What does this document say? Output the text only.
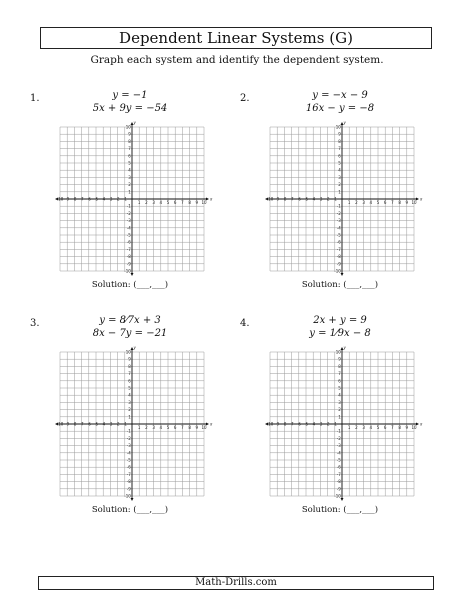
Dependent Linear Systems (G)
Graph each system and identify the dependent system.
1.	y = −1
5x + 9y = −54
-10 -9 -8 -7 -6 -5 -4 -3 -2 -1
1 2 3 4 5 6 7 8 9 10
10
9
8
7
6
5
4
3
2
1
-1
-2
-3
-4
-5
-6
-7
-8
-9
-10
x
y
Solution: (___,___)
2.	y = −x − 9
16x − y = −8
-10 -9 -8 -7 -6 -5 -4 -3 -2 -1
1 2 3 4 5 6 7 8 9 10
10
9
8
7
6
5
4
3
2
1
-1
-2
-3
-4
-5
-6
-7
-8
-9
-10
x
y
Solution: (___,___)
3.	y = 8⁄7x + 3
8x − 7y = −21
-10 -9 -8 -7 -6 -5 -4 -3 -2 -1
1 2 3 4 5 6 7 8 9 10
10
9
8
7
6
5
4
3
2
1
-1
-2
-3
-4
-5
-6
-7
-8
-9
-10
x
y
Solution: (___,___)
4.	2x + y = 9
y = 1⁄9x − 8
-10 -9 -8 -7 -6 -5 -4 -3 -2 -1
1 2 3 4 5 6 7 8 9 10
10
9
8
7
6
5
4
3
2
1
-1
-2
-3
-4
-5
-6
-7
-8
-9
-10
x
y
Solution: (___,___)
Math-Drills.com
